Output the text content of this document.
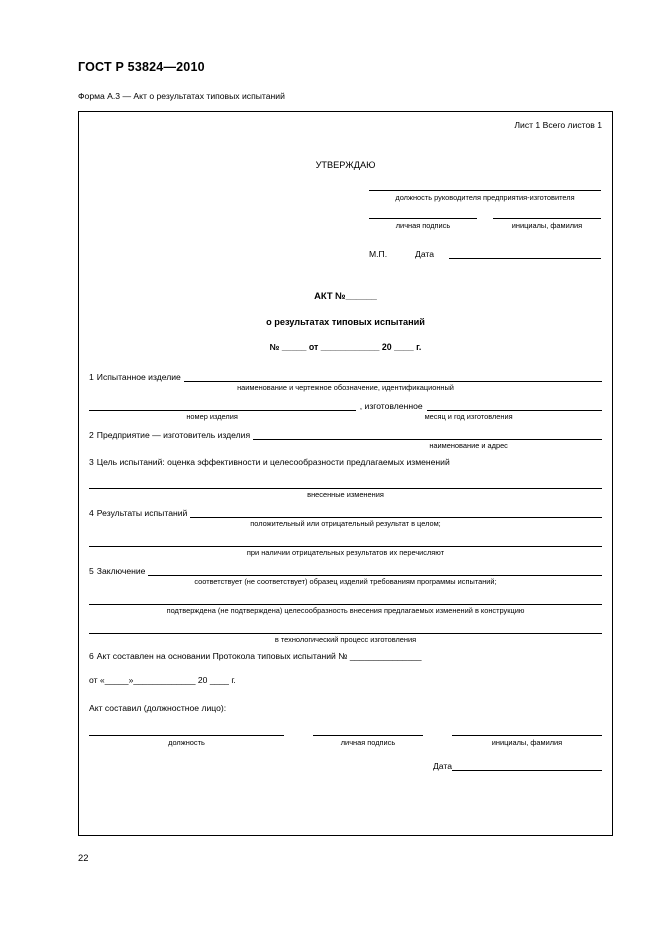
ГОСТ Р 53824—2010
Форма А.3 — Акт о результатах типовых испытаний
Лист 1 Всего листов 1
УТВЕРЖДАЮ
должность руководителя предприятия-изготовителя
личная подпись	инициалы, фамилия
М.П.	Дата
АКТ №______
о результатах типовых испытаний
№ _____ от ____________ 20 ____ г.
1 Испытанное изделие
наименование и чертежное обозначение, идентификационный
, изготовленное
номер изделия	месяц и год изготовления
2 Предприятие — изготовитель изделия
наименование и адрес
3 Цель испытаний: оценка эффективности и целесообразности предлагаемых изменений
внесенные изменения
4 Результаты испытаний
положительный или отрицательный результат в целом;
при наличии отрицательных результатов их перечисляют
5 Заключение
соответствует (не соответствует) образец изделий требованиям программы испытаний;
подтверждена (не подтверждена) целесообразность внесения предлагаемых изменений в конструкцию
в технологический процесс изготовления
6 Акт составлен на основании Протокола типовых испытаний № _______________
от «_____»_____________ 20 ____ г.
Акт составил (должностное лицо):
должность	личная подпись	инициалы, фамилия
Дата
22
